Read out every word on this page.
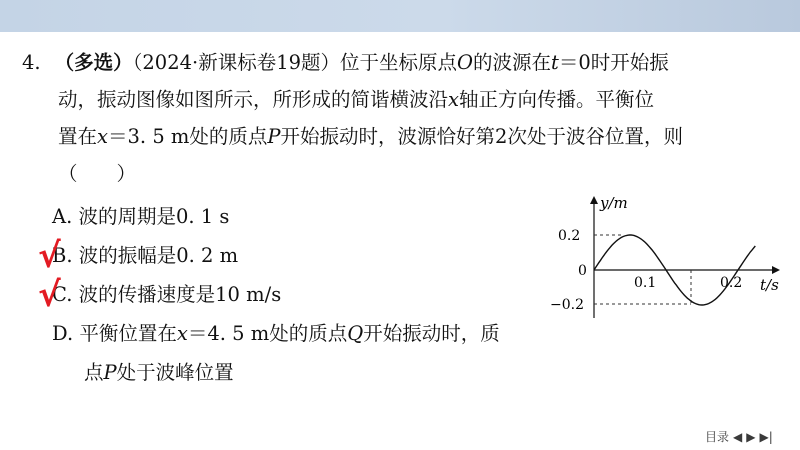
4. （多选）（2024·新课标卷19题）位于坐标原点O的波源在t＝0时开始振

动，振动图像如图所示，所形成的简谐横波沿x轴正方向传播。平衡位

置在x＝3. 5 m处的质点P开始振动时，波源恰好第2次处于波谷位置，则

（　　）

A. 波的周期是0. 1 s
B. 波的振幅是0. 2 m
C. 波的传播速度是10 m/s
D. 平衡位置在x＝4. 5 m处的质点Q开始振动时，质
点P处于波峰位置
√
√
y/m
t/s
0.2
0
−0.2
0.1	0.2
目录 ◀ ▶ ▶|
